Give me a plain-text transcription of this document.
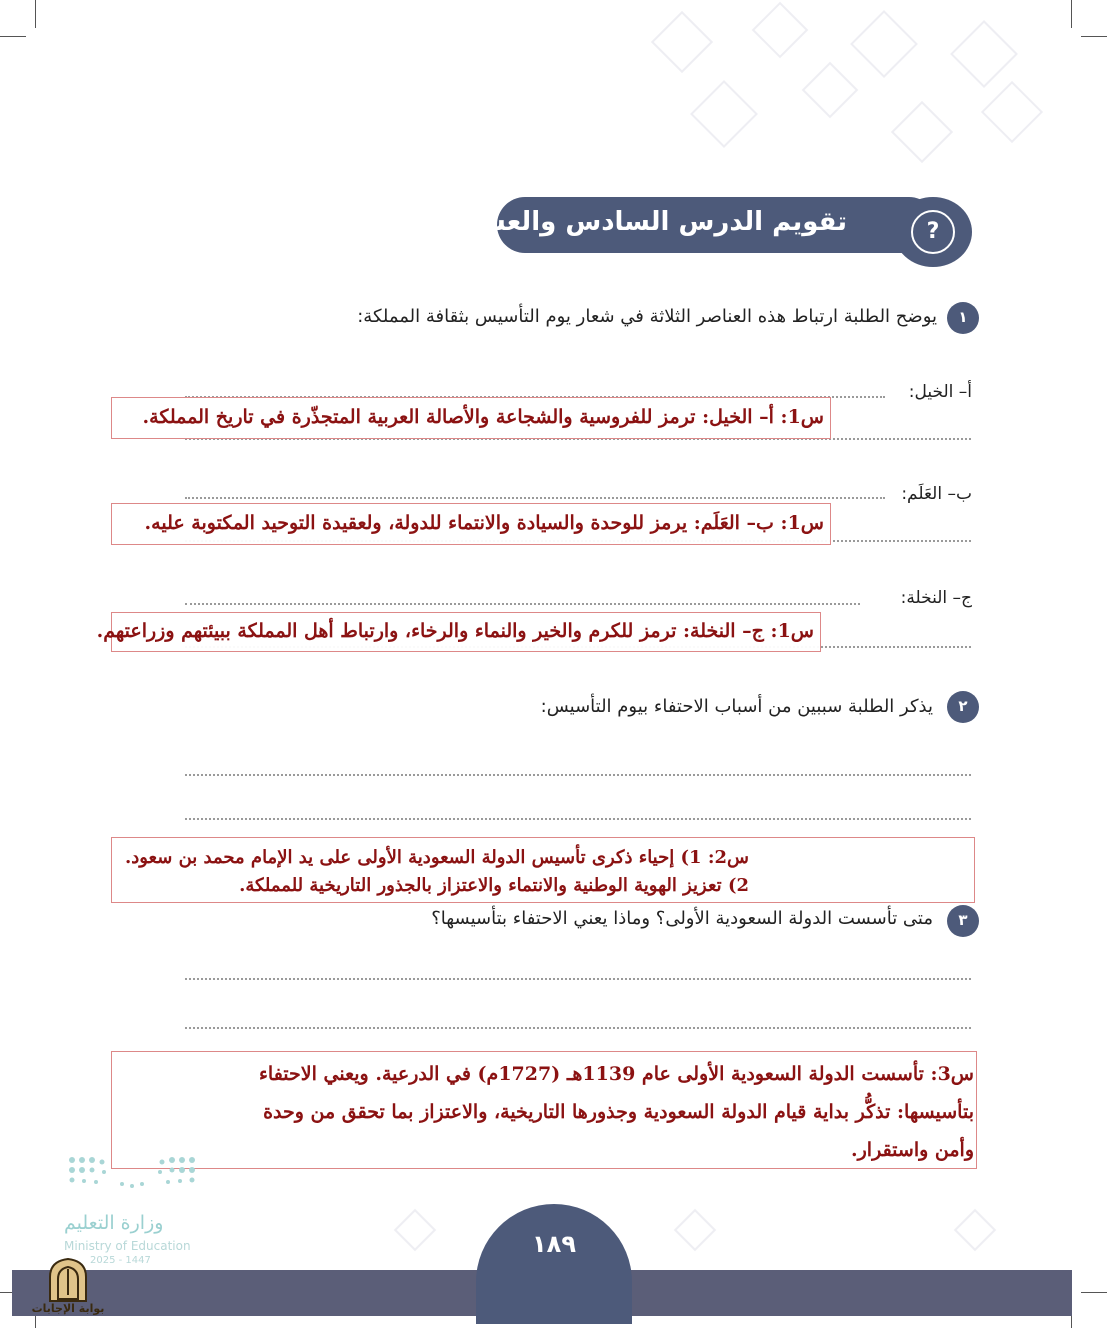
تقويم الدرس السادس والعشرون	?
١
يوضح الطلبة ارتباط هذه العناصر الثلاثة في شعار يوم التأسيس بثقافة المملكة:
أ– الخيل:
س1: أ– الخيل: ترمز للفروسية والشجاعة والأصالة العربية المتجذّرة في تاريخ المملكة.
ب– العَلَم:
س1: ب– العَلَم: يرمز للوحدة والسيادة والانتماء للدولة، ولعقيدة التوحيد المكتوبة عليه.
ج– النخلة:
س1: ج– النخلة: ترمز للكرم والخير والنماء والرخاء، وارتباط أهل المملكة ببيئتهم وزراعتهم.
٢
يذكر الطلبة سببين من أسباب الاحتفاء بيوم التأسيس:
س2: 1) إحياء ذكرى تأسيس الدولة السعودية الأولى على يد الإمام محمد بن سعود.
2) تعزيز الهوية الوطنية والانتماء والاعتزاز بالجذور التاريخية للمملكة.
٣
متى تأسست الدولة السعودية الأولى؟ وماذا يعني الاحتفاء بتأسيسها؟
س3: تأسست الدولة السعودية الأولى عام 1139هـ (1727م) في الدرعية. ويعني الاحتفاء
بتأسيسها: تذكُّر بداية قيام الدولة السعودية وجذورها التاريخية، والاعتزاز بما تحقق من وحدة
وأمن واستقرار.
وزارة التعليم
Ministry of Education
2025 - 1447
١٨٩
بوابة الإجابات
